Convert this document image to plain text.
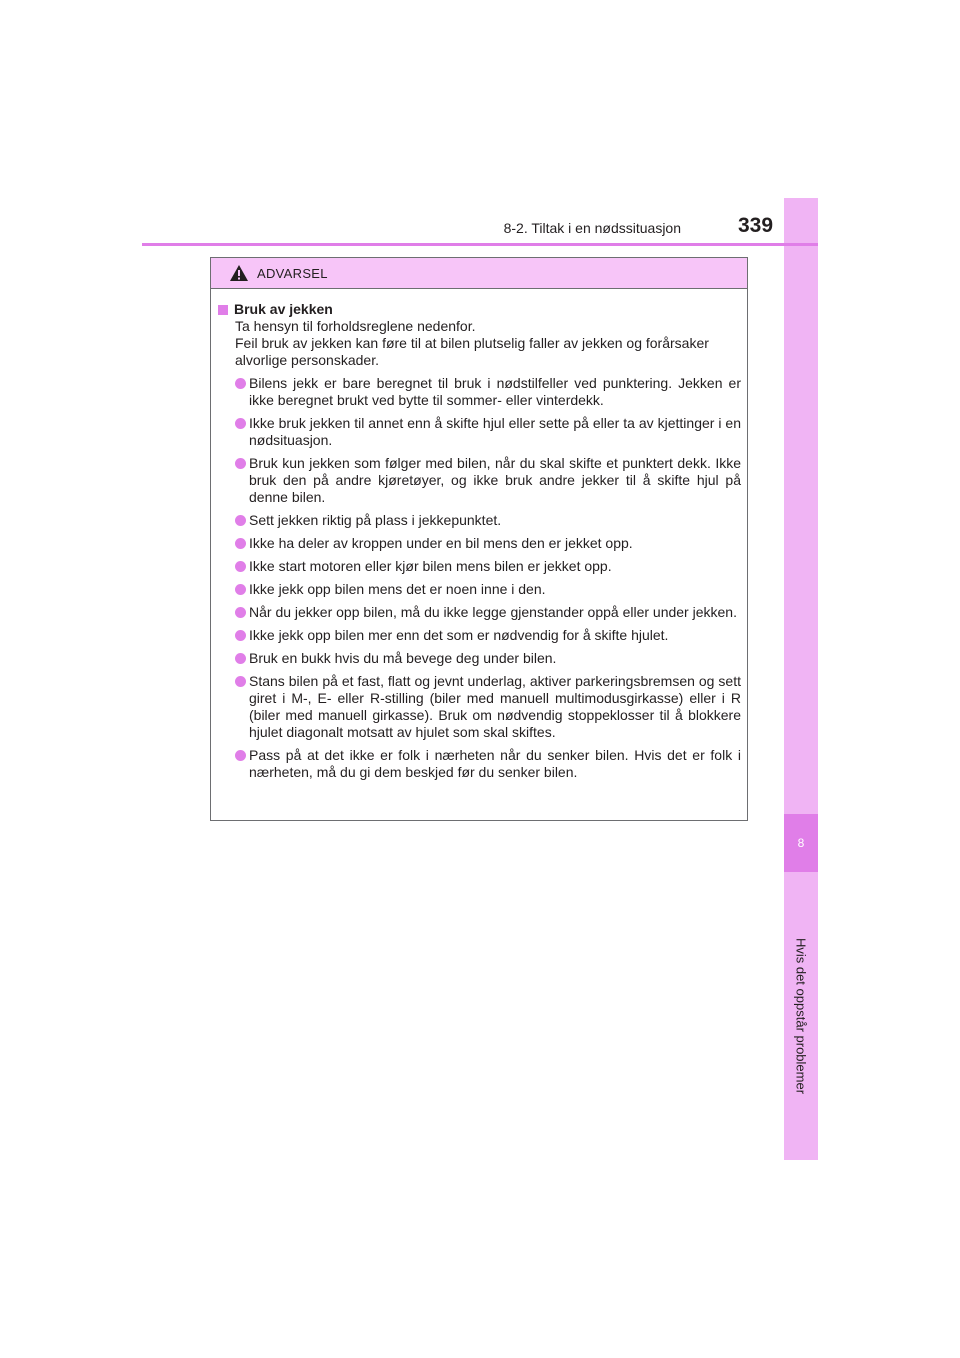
8
Hvis det oppstår problemer
8-2. Tiltak i en nødssituasjon	339
ADVARSEL
Bruk av jekken

Ta hensyn til forholdsreglene nedenfor.

Feil bruk av jekken kan føre til at bilen plutselig faller av jekken og forårsaker alvorlige personskader.

Bilens jekk er bare beregnet til bruk i nødstilfeller ved punktering. Jekken er ikke beregnet brukt ved bytte til sommer- eller vinterdekk.
Ikke bruk jekken til annet enn å skifte hjul eller sette på eller ta av kjettinger i en nødsituasjon.
Bruk kun jekken som følger med bilen, når du skal skifte et punktert dekk. Ikke bruk den på andre kjøretøyer, og ikke bruk andre jekker til å skifte hjul på denne bilen.
Sett jekken riktig på plass i jekkepunktet.
Ikke ha deler av kroppen under en bil mens den er jekket opp.
Ikke start motoren eller kjør bilen mens bilen er jekket opp.
Ikke jekk opp bilen mens det er noen inne i den.
Når du jekker opp bilen, må du ikke legge gjenstander oppå eller under jekken.
Ikke jekk opp bilen mer enn det som er nødvendig for å skifte hjulet.
Bruk en bukk hvis du må bevege deg under bilen.
Stans bilen på et fast, flatt og jevnt underlag, aktiver parkeringsbremsen og sett giret i M-, E- eller R-stilling (biler med manuell multimodusgirkasse) eller i R (biler med manuell girkasse). Bruk om nødvendig stoppeklosser til å blokkere hjulet diagonalt motsatt av hjulet som skal skiftes.
Pass på at det ikke er folk i nærheten når du senker bilen. Hvis det er folk i nærheten, må du gi dem beskjed før du senker bilen.
